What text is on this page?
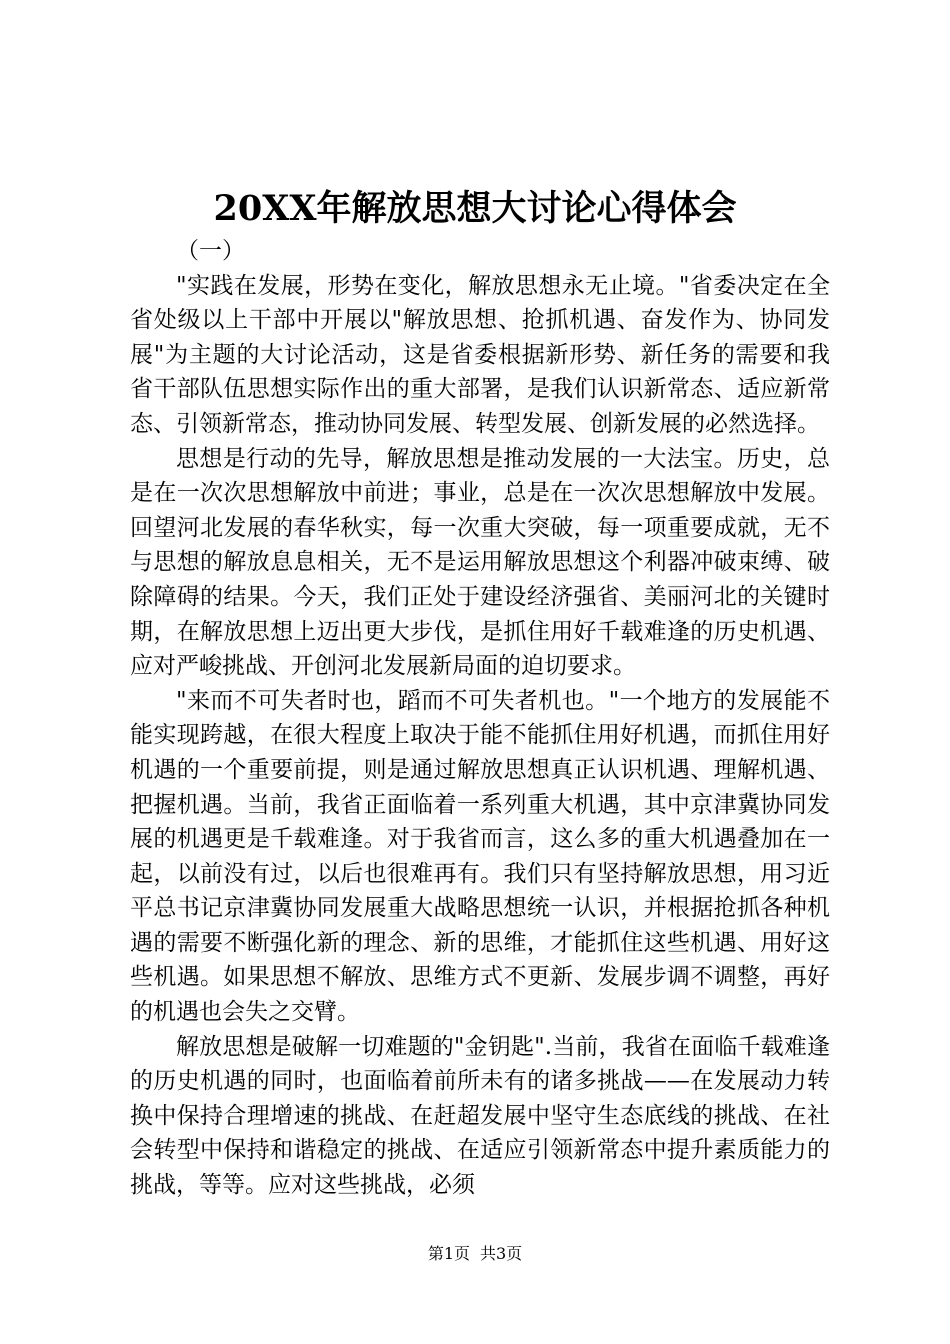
20XX年解放思想大讨论心得体会

（一）

"实践在发展，形势在变化，解放思想永无止境。"省委决定在全省处级以上干部中开展以"解放思想、抢抓机遇、奋发作为、协同发展"为主题的大讨论活动，这是省委根据新形势、新任务的需要和我省干部队伍思想实际作出的重大部署，是我们认识新常态、适应新常态、引领新常态，推动协同发展、转型发展、创新发展的必然选择。

思想是行动的先导，解放思想是推动发展的一大法宝。历史，总是在一次次思想解放中前进；事业，总是在一次次思想解放中发展。回望河北发展的春华秋实，每一次重大突破，每一项重要成就，无不与思想的解放息息相关，无不是运用解放思想这个利器冲破束缚、破除障碍的结果。今天，我们正处于建设经济强省、美丽河北的关键时期，在解放思想上迈出更大步伐，是抓住用好千载难逢的历史机遇、应对严峻挑战、开创河北发展新局面的迫切要求。

"来而不可失者时也，蹈而不可失者机也。"一个地方的发展能不能实现跨越，在很大程度上取决于能不能抓住用好机遇，而抓住用好机遇的一个重要前提，则是通过解放思想真正认识机遇、理解机遇、把握机遇。当前，我省正面临着一系列重大机遇，其中京津冀协同发展的机遇更是千载难逢。对于我省而言，这么多的重大机遇叠加在一起，以前没有过，以后也很难再有。我们只有坚持解放思想，用习近平总书记京津冀协同发展重大战略思想统一认识，并根据抢抓各种机遇的需要不断强化新的理念、新的思维，才能抓住这些机遇、用好这些机遇。如果思想不解放、思维方式不更新、发展步调不调整，再好的机遇也会失之交臂。

解放思想是破解一切难题的"金钥匙".当前，我省在面临千载难逢的历史机遇的同时，也面临着前所未有的诸多挑战——在发展动力转换中保持合理增速的挑战、在赶超发展中坚守生态底线的挑战、在社会转型中保持和谐稳定的挑战、在适应引领新常态中提升素质能力的挑战，等等。应对这些挑战，必须

第1页 共3页
